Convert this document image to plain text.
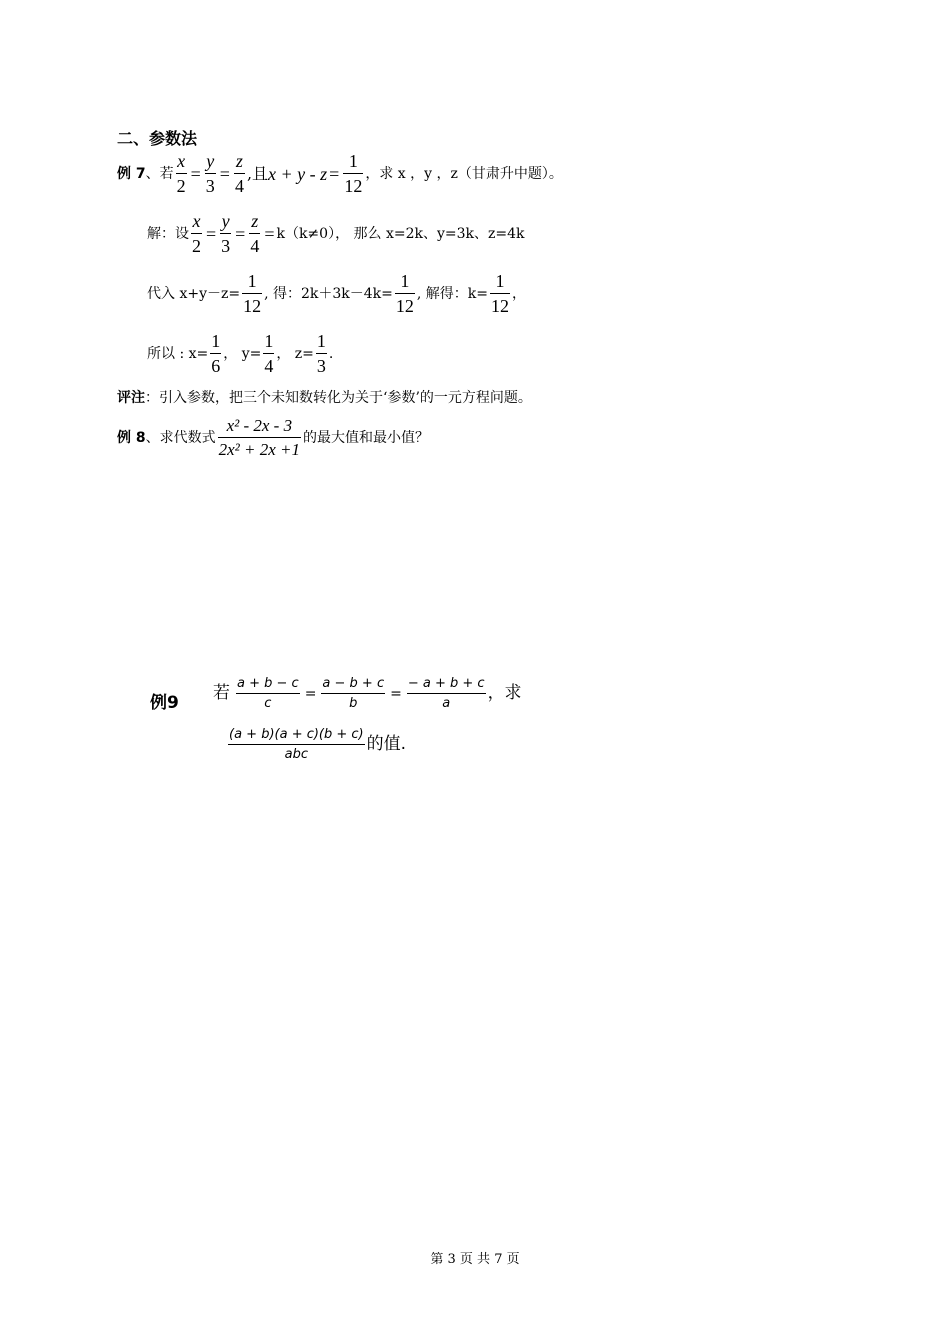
二、参数法
例 7 、若 $\frac{x}{2} = \frac{y}{3} = \frac{z}{4}$ ,且 $x + y - z = \frac{1}{12}$ ，求 x ，y ，z（甘肃升中题）。
解：设 $\frac{x}{2} = \frac{y}{3} = \frac{z}{4} = k(k\ne 0)$， 那么 x=2k、y=3k、z=4k
代入 $x+y-z= \frac{1}{12}$ , 得：$2k+3k-4k= \frac{1}{12}$ , 解得：$k= \frac{1}{12}$ ，
所以 : $x= \frac{1}{6}$ ， $y= \frac{1}{4}$ ， $z= \frac{1}{3}$ .
评注 ：引入参数，把三个未知数转化为关于‘参数’的一元方程问题。
例 8 、求代数式 $\frac{\text{x² - 2x - 3}}{\text{2x² + 2x +1}}$ 的最大值和最小值？
例9 若 $\frac{a + b - c}{c} = \frac{a - b + c}{b} = \frac{- a + b + c}{a}$ ，求
$\frac{(a + b)(a + c)(b + c)}{\text{abc}}$ 的值.
第 3 页 共 7 页
